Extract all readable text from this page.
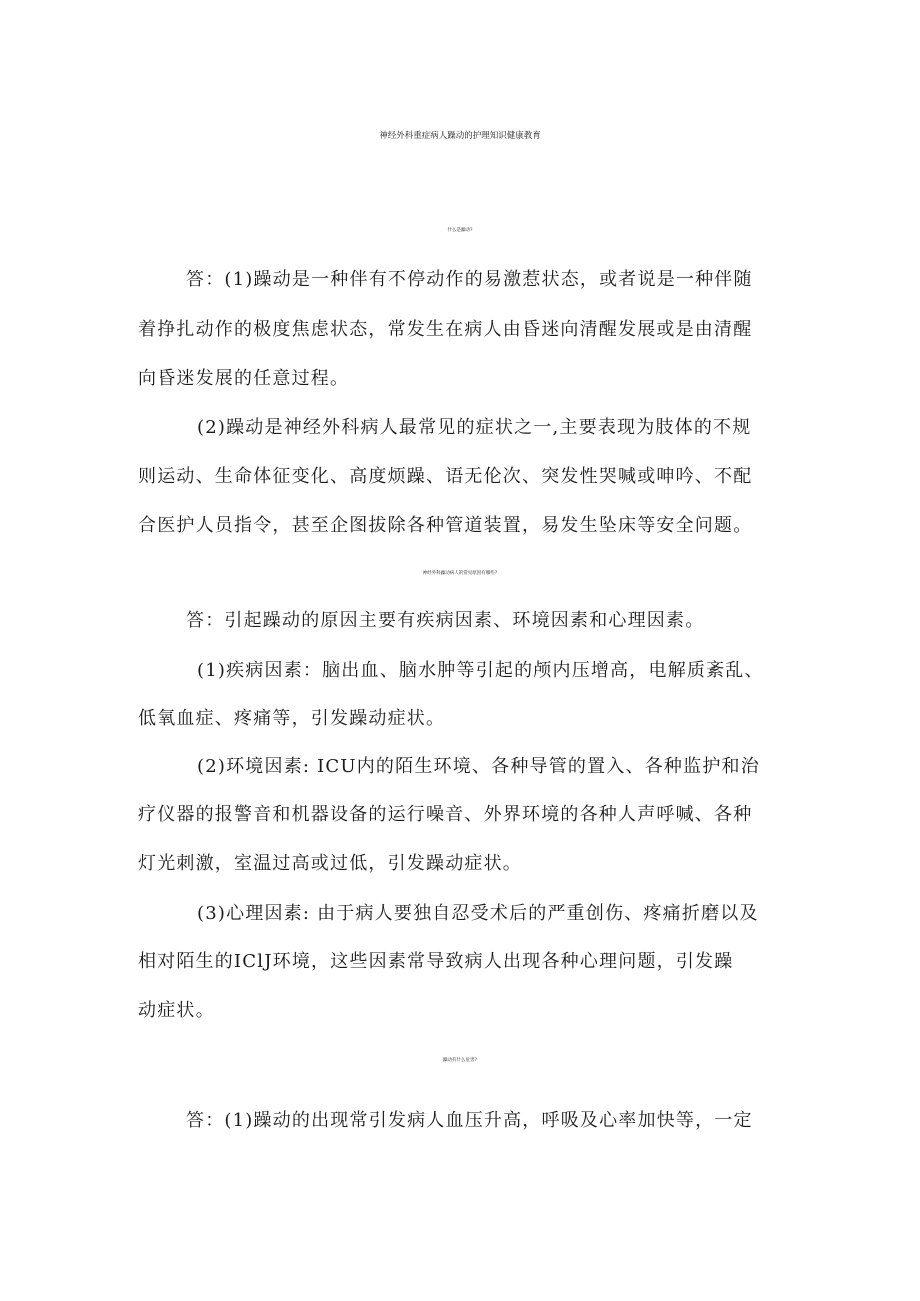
神经外科重症病人躁动的护理知识健康教育
什么是躁动?
答：(1)躁动是一种伴有不停动作的易激惹状态，或者说是一种伴随
着挣扎动作的极度焦虑状态，常发生在病人由昏迷向清醒发展或是由清醒
向昏迷发展的任意过程。
(2)躁动是神经外科病人最常见的症状之一,主要表现为肢体的不规
则运动、生命体征变化、高度烦躁、语无伦次、突发性哭喊或呻吟、不配
合医护人员指令，甚至企图拔除各种管道装置，易发生坠床等安全问题。
神经外科躁动病人的常见原因有哪些?
答：引起躁动的原因主要有疾病因素、环境因素和心理因素。
(1)疾病因素：脑出血、脑水肿等引起的颅内压增高，电解质紊乱、
低氧血症、疼痛等，引发躁动症状。
(2)环境因素: ICU内的陌生环境、各种导管的置入、各种监护和治
疗仪器的报警音和机器设备的运行噪音、外界环境的各种人声呼喊、各种
灯光刺激，室温过高或过低，引发躁动症状。
(3)心理因素: 由于病人要独自忍受术后的严重创伤、疼痛折磨以及
相对陌生的IClJ环境，这些因素常导致病人出现各种心理问题，引发躁
动症状。
躁动有什么危害?
答：(1)躁动的出现常引发病人血压升高，呼吸及心率加快等，一定
